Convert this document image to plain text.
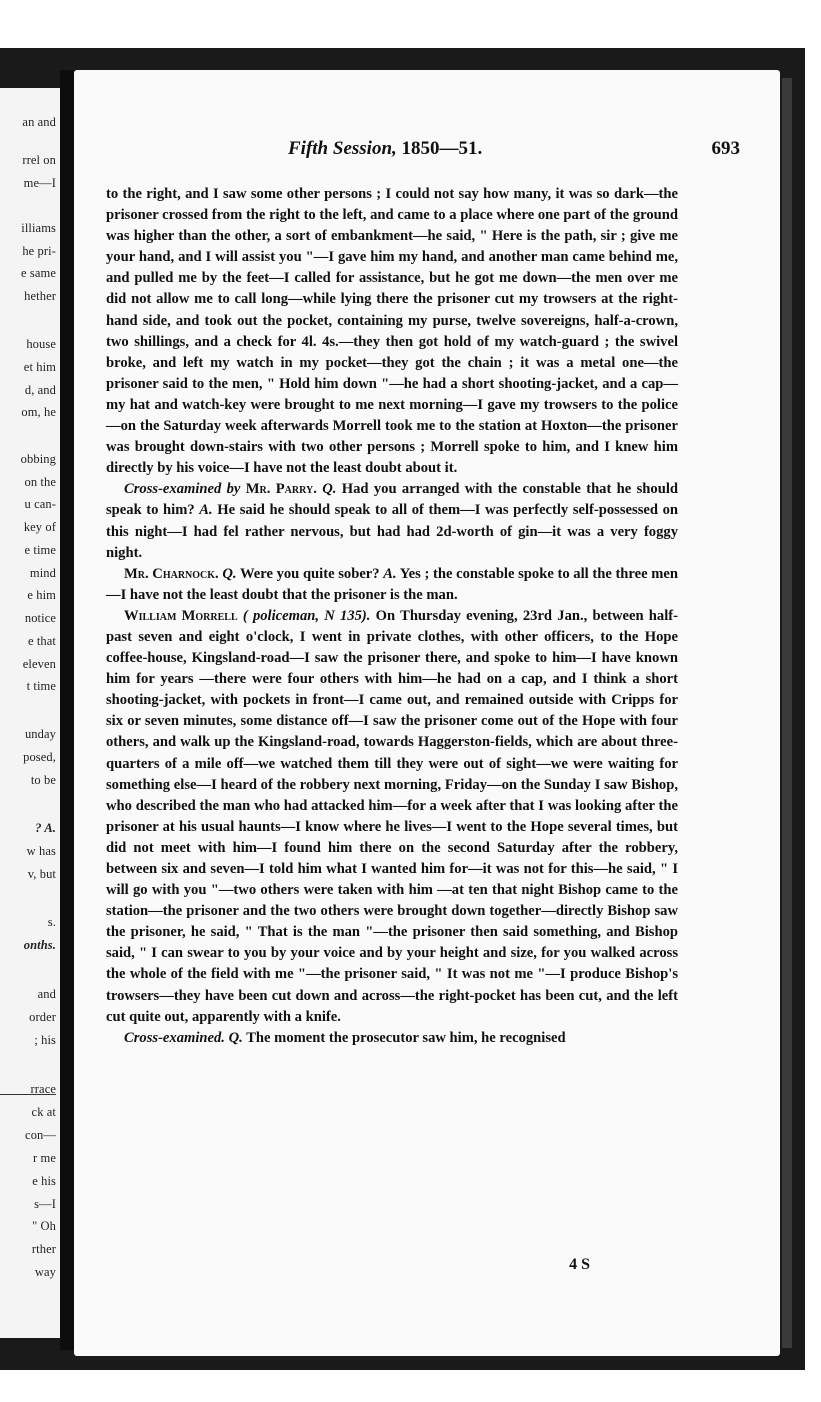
an and
rrel on
me—I
illiams
he pri-
e same
hether
house
et him
d, and
om, he
obbing
on the
u can-
key of
e time
mind
e him
notice
e that
eleven
t time
unday
posed,
to be
? A.
w has
v, but
s.
onths.
and
order
; his
rrace
ck at
con—
r me
e his
s—I
" Oh
rther
way
Fifth Session, 1850—51.	693

to the right, and I saw some other persons ; I could not say how many, it was so dark—the prisoner crossed from the right to the left, and came to a place where one part of the ground was higher than the other, a sort of embankment—he said, " Here is the path, sir ; give me your hand, and I will assist you "—I gave him my hand, and another man came behind me, and pulled me by the feet—I called for assistance, but he got me down—the men over me did not allow me to call long—while lying there the prisoner cut my trowsers at the right-hand side, and took out the pocket, containing my purse, twelve sovereigns, half-a-crown, two shillings, and a check for 4l. 4s.—they then got hold of my watch-guard ; the swivel broke, and left my watch in my pocket—they got the chain ; it was a metal one—the prisoner said to the men, " Hold him down "—he had a short shooting-jacket, and a cap—my hat and watch-key were brought to me next morning—I gave my trowsers to the police—on the Saturday week afterwards Morrell took me to the station at Hoxton—the prisoner was brought down-stairs with two other persons ; Morrell spoke to him, and I knew him directly by his voice—I have not the least doubt about it.

Cross-examined by Mr. Parry. Q. Had you arranged with the constable that he should speak to him? A. He said he should speak to all of them—I was perfectly self-possessed on this night—I had fel rather nervous, but had had 2d-worth of gin—it was a very foggy night.

Mr. Charnock. Q. Were you quite sober? A. Yes ; the constable spoke to all the three men—I have not the least doubt that the prisoner is the man.

William Morrell ( policeman, N 135). On Thursday evening, 23rd Jan., between half-past seven and eight o'clock, I went in private clothes, with other officers, to the Hope coffee-house, Kingsland-road—I saw the prisoner there, and spoke to him—I have known him for years —there were four others with him—he had on a cap, and I think a short shooting-jacket, with pockets in front—I came out, and remained outside with Cripps for six or seven minutes, some distance off—I saw the prisoner come out of the Hope with four others, and walk up the Kingsland-road, towards Haggerston-fields, which are about three-quarters of a mile off—we watched them till they were out of sight—we were waiting for something else—I heard of the robbery next morning, Friday—on the Sunday I saw Bishop, who described the man who had attacked him—for a week after that I was looking after the prisoner at his usual haunts—I know where he lives—I went to the Hope several times, but did not meet with him—I found him there on the second Saturday after the robbery, between six and seven—I told him what I wanted him for—it was not for this—he said, " I will go with you "—two others were taken with him —at ten that night Bishop came to the station—the prisoner and the two others were brought down together—directly Bishop saw the prisoner, he said, " That is the man "—the prisoner then said something, and Bishop said, " I can swear to you by your voice and by your height and size, for you walked across the whole of the field with me "—the prisoner said, " It was not me "—I produce Bishop's trowsers—they have been cut down and across—the right-pocket has been cut, and the left cut quite out, apparently with a knife.

Cross-examined. Q. The moment the prosecutor saw him, he recognised

4 S
